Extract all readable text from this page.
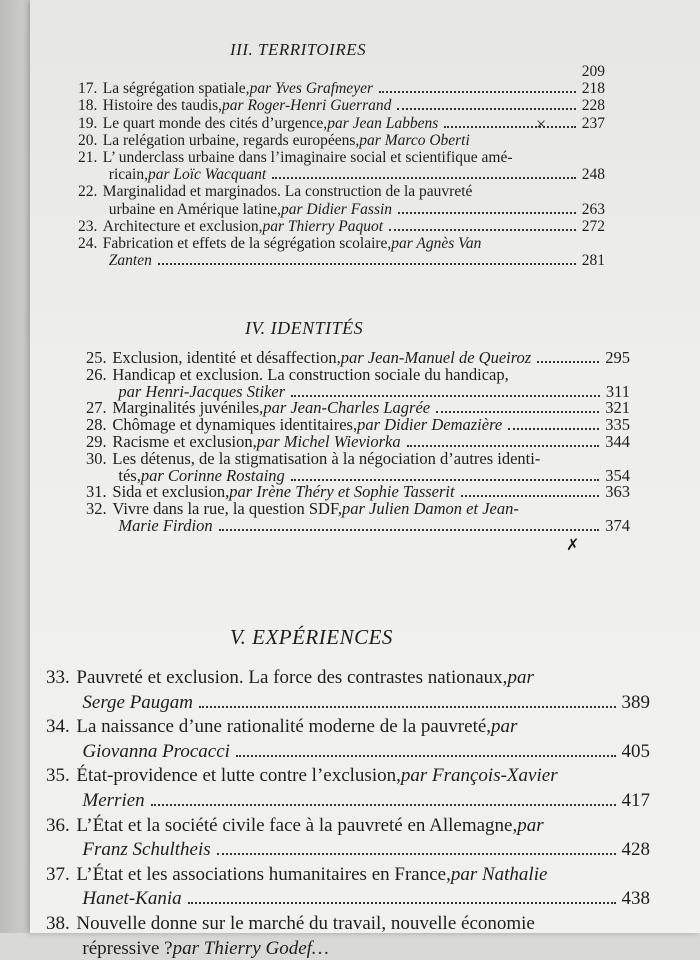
III. TERRITOIRES
IV. IDENTITÉS
V. EXPÉRIENCES
×
✗
209
17. La ségrégation spatiale, par Yves Grafmeyer	218
18. Histoire des taudis, par Roger-Henri Guerrand	228
19. Le quart monde des cités d’urgence, par Jean Labbens	237
20. La relégation urbaine, regards européens, par Marco Oberti
21. L’ underclass urbaine dans l’imaginaire social et scientifique amé-
ricain, par Loïc Wacquant	248
22. Marginalidad et marginados. La construction de la pauvreté
urbaine en Amérique latine, par Didier Fassin	263
23. Architecture et exclusion, par Thierry Paquot	272
24. Fabrication et effets de la ségrégation scolaire, par Agnès Van
Zanten	281
25. Exclusion, identité et désaffection, par Jean-Manuel de Queiroz	295
26. Handicap et exclusion. La construction sociale du handicap,
par Henri-Jacques Stiker	311
27. Marginalités juvéniles, par Jean-Charles Lagrée	321
28. Chômage et dynamiques identitaires, par Didier Demazière	335
29. Racisme et exclusion, par Michel Wieviorka	344
30. Les détenus, de la stigmatisation à la négociation d’autres identi-
tés, par Corinne Rostaing	354
31. Sida et exclusion, par Irène Théry et Sophie Tasserit	363
32. Vivre dans la rue, la question SDF, par Julien Damon et Jean-
Marie Firdion	374
33. Pauvreté et exclusion. La force des contrastes nationaux, par
Serge Paugam	389
34. La naissance d’une rationalité moderne de la pauvreté, par
Giovanna Procacci	405
35. État-providence et lutte contre l’exclusion, par François-Xavier
Merrien	417
36. L’État et la société civile face à la pauvreté en Allemagne, par
Franz Schultheis	428
37. L’État et les associations humanitaires en France, par Nathalie
Hanet-Kania	438
38. Nouvelle donne sur le marché du travail, nouvelle économie
répressive ? par Thierry Godef…
